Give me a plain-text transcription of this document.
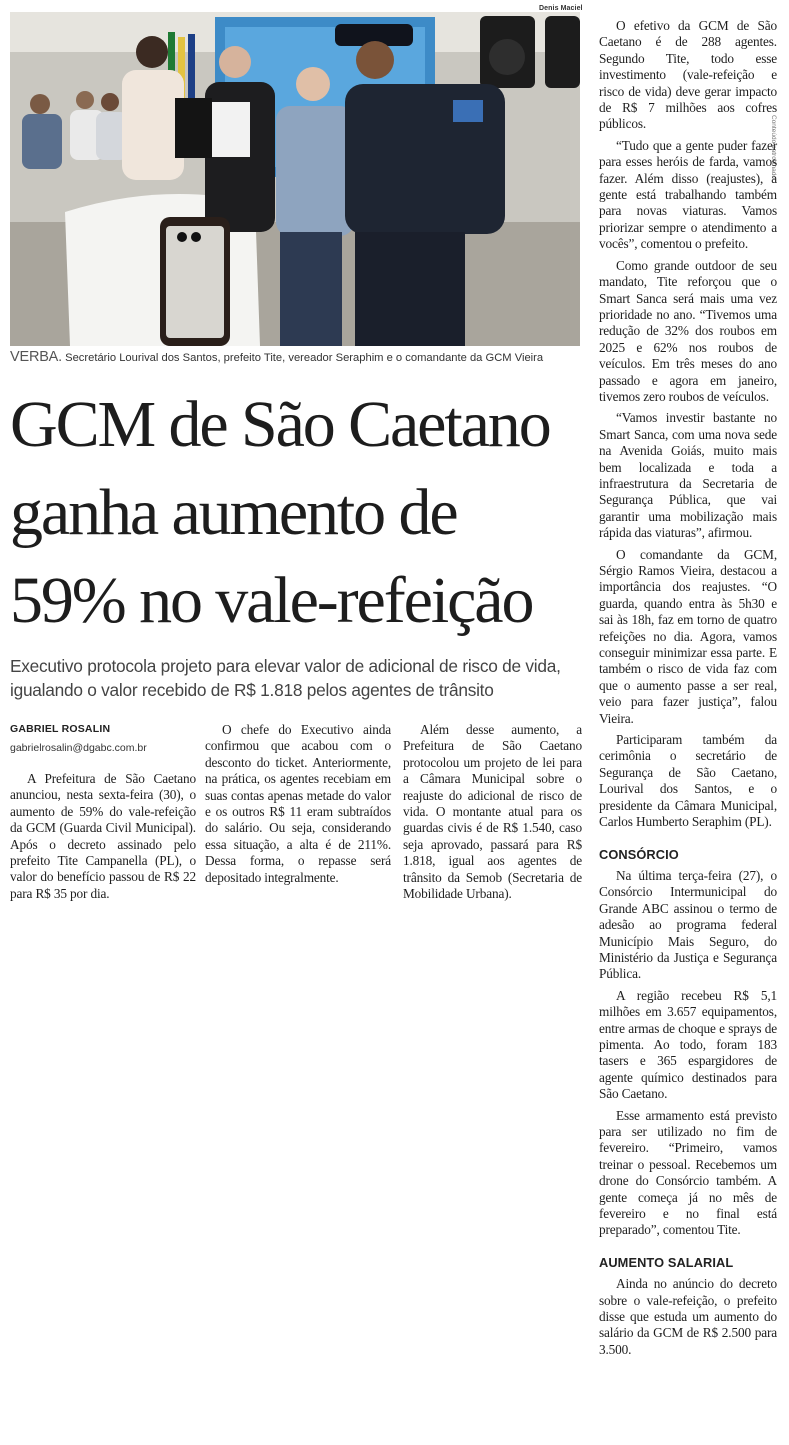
Denis Maciel
Conteúdo patrocinado
VERBA. Secretário Lourival dos Santos, prefeito Tite, vereador Seraphim e o comandante da GCM Vieira
GCM de São Caetano
ganha aumento de
59% no vale-refeição

Executivo protocola projeto para elevar valor de adicional de risco de vida, igualando o valor recebido de R$ 1.818 pelos agentes de trânsito

GABRIEL ROSALIN
gabrielrosalin@dgabc.com.br

A Prefeitura de São Caetano anunciou, nesta sexta-feira (30), o aumento de 59% do vale-refeição da GCM (Guarda Civil Municipal). Após o decreto assinado pelo prefeito Tite Campanella (PL), o valor do benefício passou de R$ 22 para R$ 35 por dia.

O chefe do Executivo ainda confirmou que acabou com o desconto do ticket. Anteriormente, na prática, os agentes recebiam em suas contas apenas metade do valor e os outros R$ 11 eram subtraídos do salário. Ou seja, considerando essa situação, a alta é de 211%. Dessa forma, o repasse será depositado integralmente.

Além desse aumento, a Prefeitura de São Caetano protocolou um projeto de lei para a Câmara Municipal sobre o reajuste do adicional de risco de vida. O montante atual para os guardas civis é de R$ 1.540, caso seja aprovado, passará para R$ 1.818, igual aos agentes de trânsito da Semob (Secretaria de Mobilidade Urbana).

O efetivo da GCM de São Caetano é de 288 agentes. Segundo Tite, todo esse investimento (vale-refeição e risco de vida) deve gerar impacto de R$ 7 milhões aos cofres públicos.

“Tudo que a gente puder fazer para esses heróis de farda, vamos fazer. Além disso (reajustes), a gente está trabalhando também para novas viaturas. Vamos priorizar sempre o atendimento a vocês”, comentou o prefeito.

Como grande outdoor de seu mandato, Tite reforçou que o Smart Sanca será mais uma vez prioridade no ano. “Tivemos uma redução de 32% dos roubos em 2025 e 62% nos roubos de veículos. Em três meses do ano passado e agora em janeiro, tivemos zero roubos de veículos.

“Vamos investir bastante no Smart Sanca, com uma nova sede na Avenida Goiás, muito mais bem localizada e toda a infraestrutura da Secretaria de Segurança Pública, que vai garantir uma mobilização mais rápida das viaturas”, afirmou.

O comandante da GCM, Sérgio Ramos Vieira, destacou a importância dos reajustes. “O guarda, quando entra às 5h30 e sai às 18h, faz em torno de quatro refeições no dia. Agora, vamos conseguir minimizar essa parte. E também o risco de vida faz com que o aumento passe a ser real, veio para fazer justiça”, falou Vieira.

Participaram também da cerimônia o secretário de Segurança de São Caetano, Lourival dos Santos, e o presidente da Câmara Municipal, Carlos Humberto Seraphim (PL).

CONSÓRCIO

Na última terça-feira (27), o Consórcio Intermunicipal do Grande ABC assinou o termo de adesão ao programa federal Município Mais Seguro, do Ministério da Justiça e Segurança Pública.

A região recebeu R$ 5,1 milhões em 3.657 equipamentos, entre armas de choque e sprays de pimenta. Ao todo, foram 183 tasers e 365 espargidores de agente químico destinados para São Caetano.

Esse armamento está previsto para ser utilizado no fim de fevereiro. “Primeiro, vamos treinar o pessoal. Recebemos um drone do Consórcio também. A gente começa já no mês de fevereiro e no final está preparado”, comentou Tite.

AUMENTO SALARIAL

Ainda no anúncio do decreto sobre o vale-refeição, o prefeito disse que estuda um aumento do salário da GCM de R$ 2.500 para 3.500.
